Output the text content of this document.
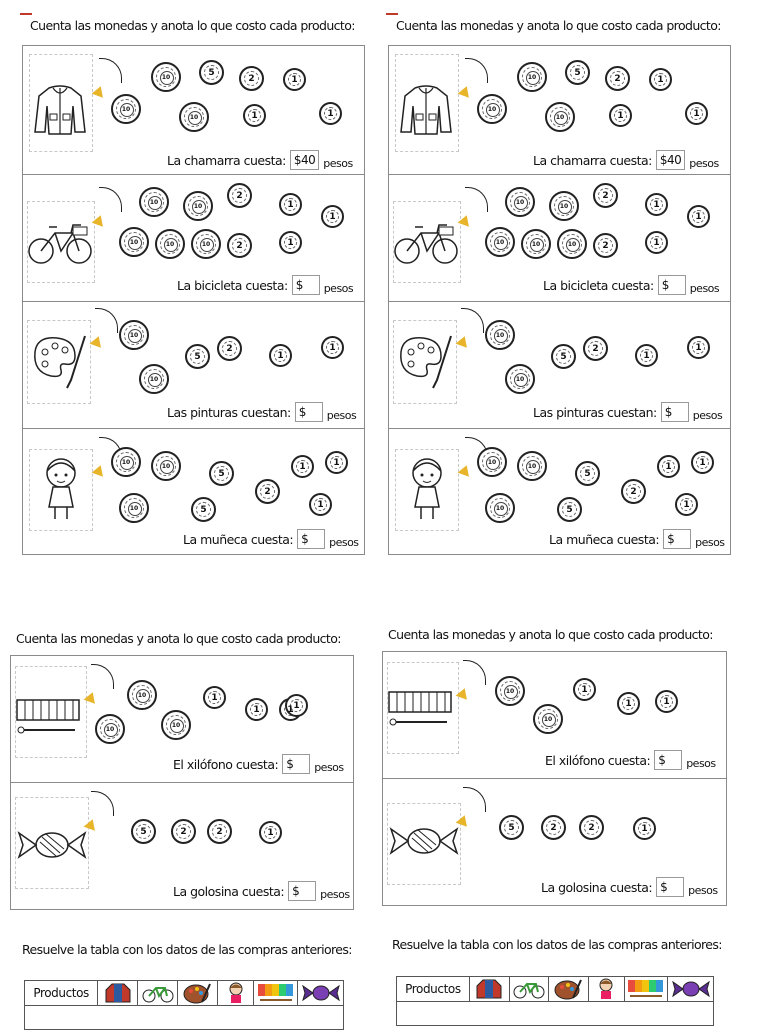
Cuenta las monedas y anota lo que costo cada producto:
10	5
2	1
10
10	1	1
La chamarra cuesta: $40 pesos
10
10
2
1
1
10	10	10	2	1
La bicicleta cuesta: $	pesos
10
10
5
2
1
1
Las pinturas cuestan: $	pesos
10
10
10
5
5
2
1	1
1
La muñeca cuesta: $	pesos
Cuenta las monedas y anota lo que costo cada producto:
10	5
2	1
10
10	1	1
La chamarra cuesta: $40 pesos
10
10
2
1
1
10	10	10	2	1
La bicicleta cuesta: $	pesos
10
10
5
2
1
1
Las pinturas cuestan: $	pesos
10
10
10
5
5
2
1	1
1
La muñeca cuesta: $	pesos
Cuenta las monedas y anota lo que costo cada producto:
10
10
10
1
1	1 1
El xilófono cuesta: $	pesos
5	2	2	1
La golosina cuesta: $	pesos
Cuenta las monedas y anota lo que costo cada producto:
10
10
1
1	1
El xilófono cuesta: $	pesos
5	2	2	1
La golosina cuesta: $	pesos
Resuelve la tabla con los datos de las compras anteriores:
Productos
Resuelve la tabla con los datos de las compras anteriores:
Productos
